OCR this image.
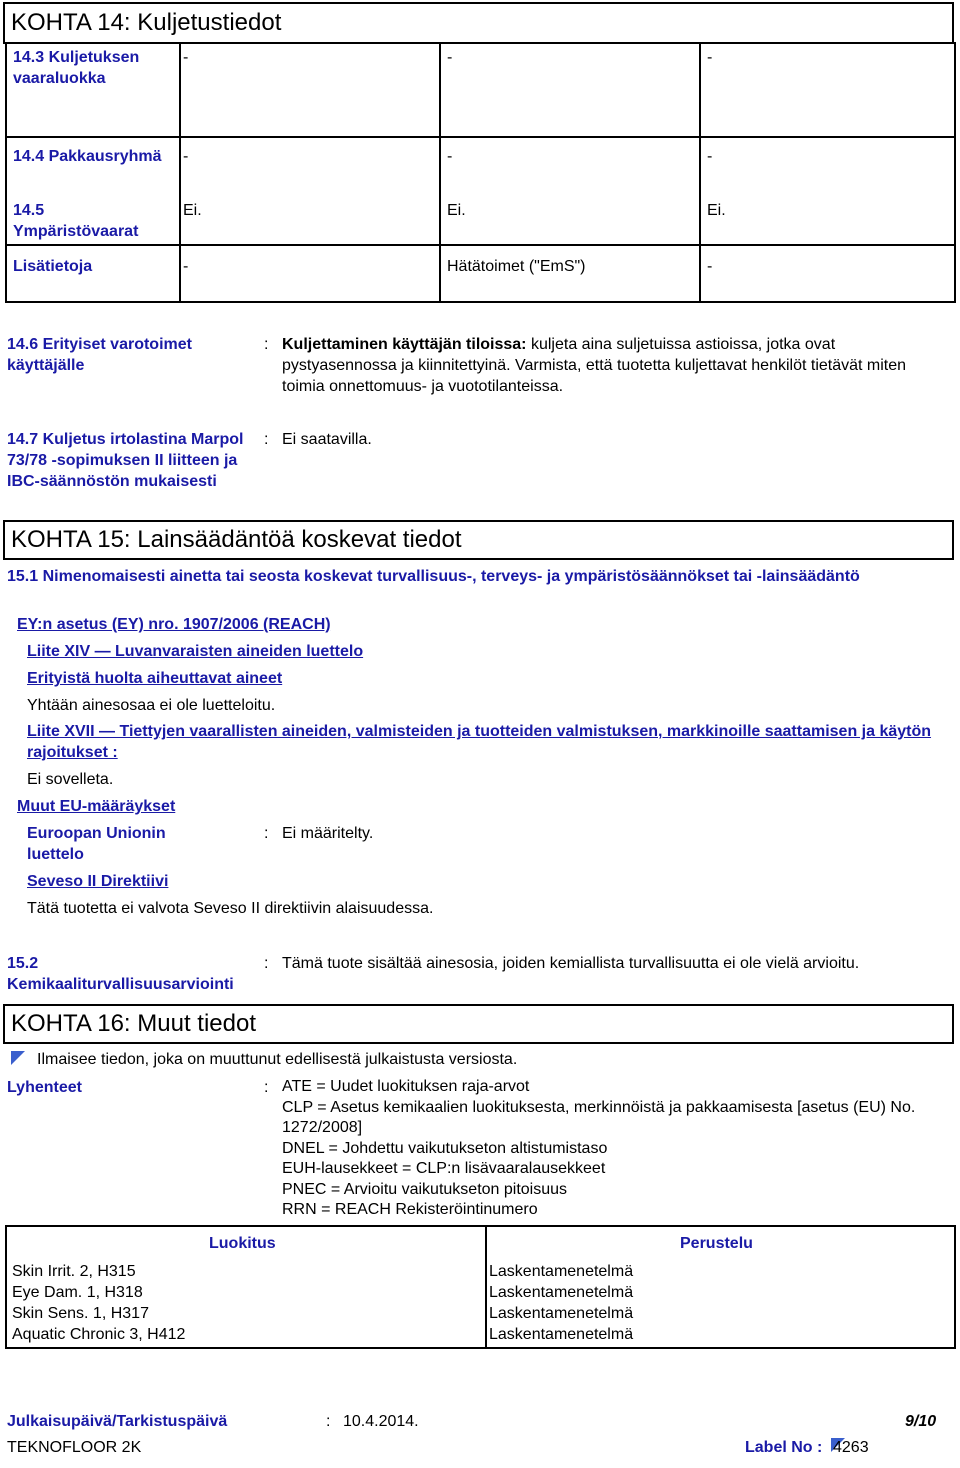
KOHTA 14: Kuljetustiedot
14.3 Kuljetuksen vaaraluokka
-	-	-
14.4 Pakkausryhmä -	-	-
14.5 Ympäristövaarat
Ei.	Ei.	Ei.
Lisätietoja	-	Hätätoimet ("EmS")	-
14.6 Erityiset varotoimet käyttäjälle
: Kuljettaminen käyttäjän tiloissa: kuljeta aina suljetuissa astioissa, jotka ovat pystyasennossa ja kiinnitettyinä. Varmista, että tuotetta kuljettavat henkilöt tietävät miten toimia onnettomuus- ja vuototilanteissa.
14.7 Kuljetus irtolastina Marpol 73/78 -sopimuksen II liitteen ja IBC-säännöstön mukaisesti
: Ei saatavilla.
KOHTA 15: Lainsäädäntöä koskevat tiedot
15.1 Nimenomaisesti ainetta tai seosta koskevat turvallisuus-, terveys- ja ympäristösäännökset tai -lainsäädäntö
EY:n asetus (EY) nro. 1907/2006 (REACH)
Liite XIV — Luvanvaraisten aineiden luettelo
Erityistä huolta aiheuttavat aineet
Yhtään ainesosaa ei ole luetteloitu.
Liite XVII — Tiettyjen vaarallisten aineiden, valmisteiden ja tuotteiden valmistuksen, markkinoille saattamisen ja käytön rajoitukset :
Ei sovelleta.
Muut EU-määräykset
Euroopan Unionin luettelo
: Ei määritelty.
Seveso II Direktiivi
Tätä tuotetta ei valvota Seveso II direktiivin alaisuudessa.
15.2 Kemikaaliturvallisuusarviointi
: Tämä tuote sisältää ainesosia, joiden kemiallista turvallisuutta ei ole vielä arvioitu.
KOHTA 16: Muut tiedot
Ilmaisee tiedon, joka on muuttunut edellisestä julkaistusta versiosta.
Lyhenteet	: ATE = Uudet luokituksen raja-arvot
CLP = Asetus kemikaalien luokituksesta, merkinnöistä ja pakkaamisesta [asetus (EU) No. 1272/2008]
DNEL = Johdettu vaikutukseton altistumistaso
EUH-lausekkeet = CLP:n lisävaaralausekkeet
PNEC = Arvioitu vaikutukseton pitoisuus
RRN = REACH Rekisteröintinumero
Luokitus	Perustelu
Skin Irrit. 2, H315
Eye Dam. 1, H318
Skin Sens. 1, H317
Aquatic Chronic 3, H412
Laskentamenetelmä
Laskentamenetelmä
Laskentamenetelmä
Laskentamenetelmä
Julkaisupäivä/Tarkistuspäivä	: 10.4.2014.	9/10
TEKNOFLOOR 2K	Label No : 4263
